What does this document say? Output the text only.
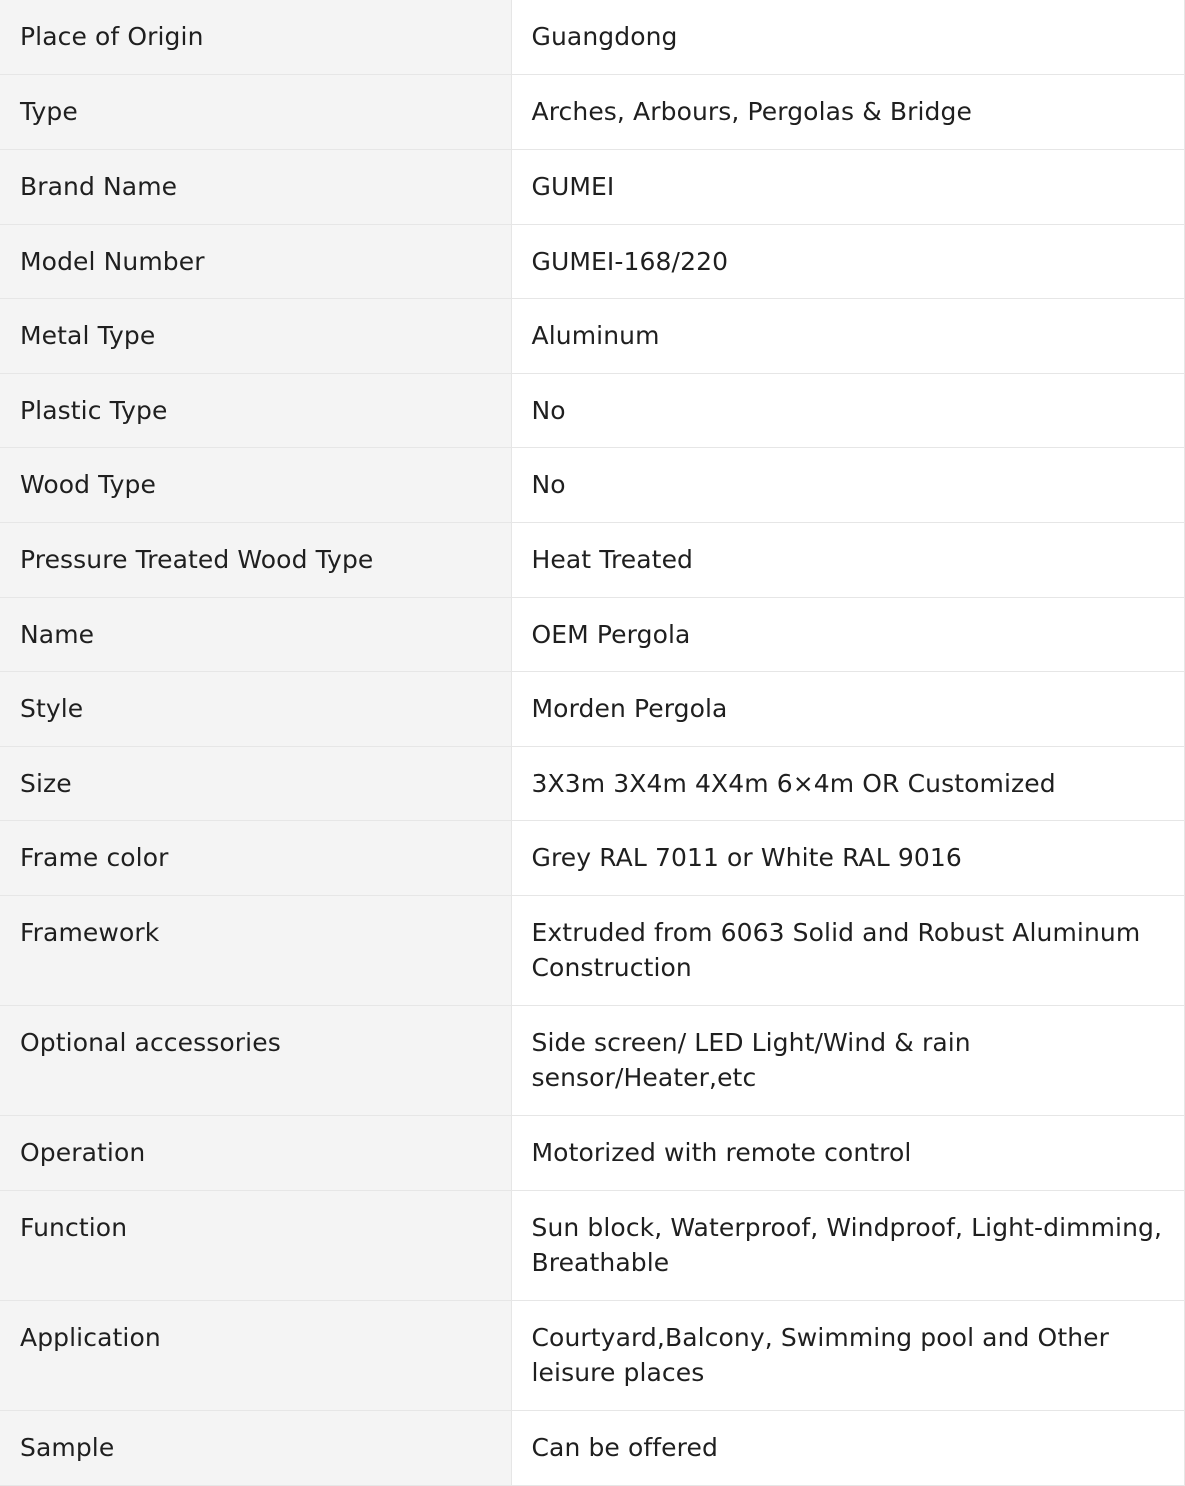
Place of Origin	Guangdong
Type	Arches, Arbours, Pergolas & Bridge
Brand Name	GUMEI
Model Number	GUMEI-168/220
Metal Type	Aluminum
Plastic Type	No
Wood Type	No
Pressure Treated Wood Type	Heat Treated
Name	OEM Pergola
Style	Morden Pergola
Size	3X3m 3X4m 4X4m 6×4m OR Customized
Frame color	Grey RAL 7011 or White RAL 9016
Framework	Extruded from 6063 Solid and Robust Aluminum Construction
Optional accessories	Side screen/ LED Light/Wind & rain sensor/Heater,etc
Operation	Motorized with remote control
Function	Sun block, Waterproof, Windproof, Light-dimming, Breathable
Application	Courtyard,Balcony, Swimming pool and Other leisure places
Sample	Can be offered
